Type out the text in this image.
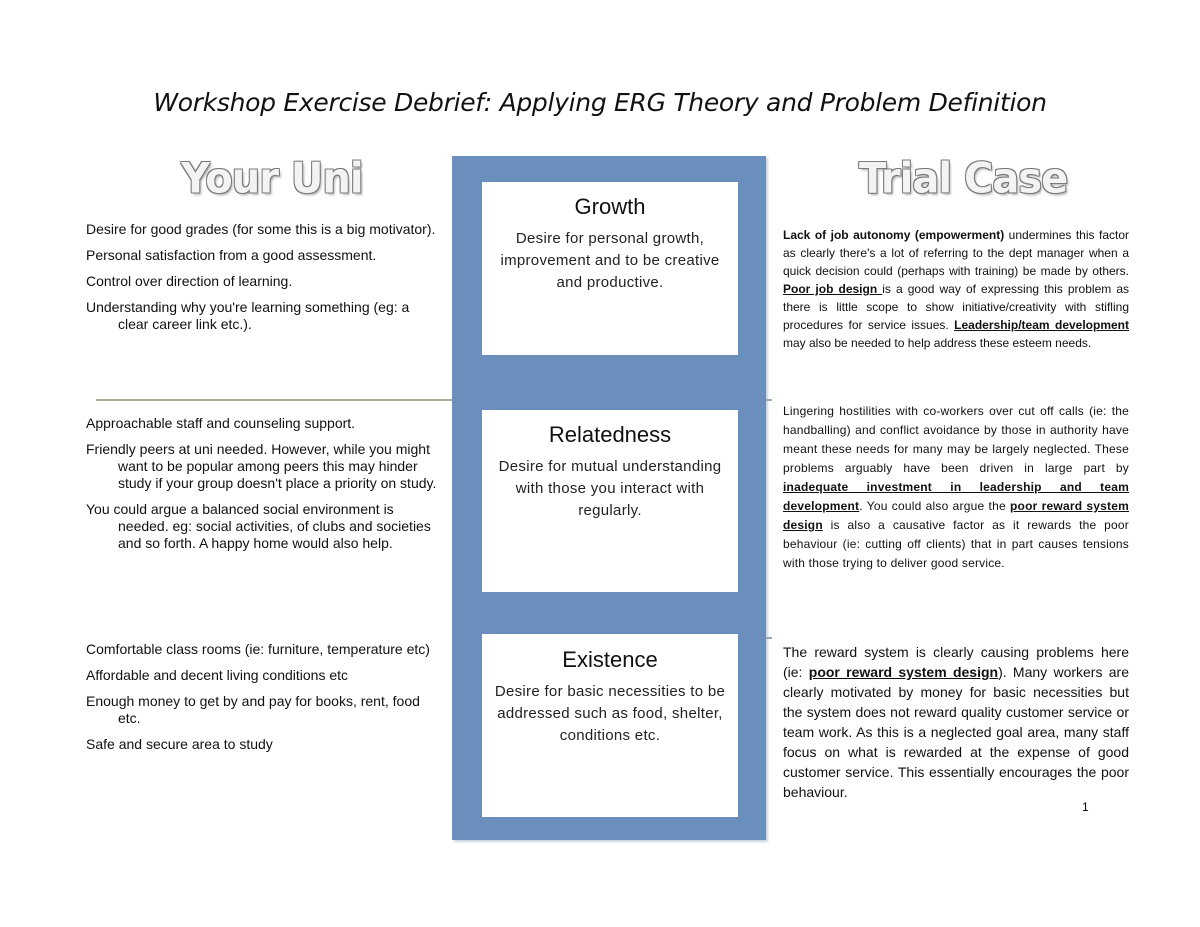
Workshop Exercise Debrief: Applying ERG Theory and Problem Definition
Your Uni	Trial Case
Growth

Desire for personal growth, improvement and to be creative and productive.

Relatedness

Desire for mutual understanding with those you interact with regularly.

Existence

Desire for basic necessities to be addressed such as food, shelter, conditions etc.

Desire for good grades (for some this is a big motivator).
Personal satisfaction from a good assessment.
Control over direction of learning.
Understanding why you're learning something (eg: a clear career link etc.).
Approachable staff and counseling support.
Friendly peers at uni needed. However, while you might want to be popular among peers this may hinder study if your group doesn't place a priority on study.
You could argue a balanced social environment is needed. eg: social activities, of clubs and societies and so forth. A happy home would also help.
Comfortable class rooms (ie: furniture, temperature etc)
Affordable and decent living conditions etc
Enough money to get by and pay for books, rent, food etc.
Safe and secure area to study
Lack of job autonomy (empowerment) undermines this factor as clearly there's a lot of referring to the dept manager when a quick decision could (perhaps with training) be made by others. Poor job design is a good way of expressing this problem as there is little scope to show initiative/creativity with stifling procedures for service issues. Leadership/team development may also be needed to help address these esteem needs.
Lingering hostilities with co-workers over cut off calls (ie: the handballing) and conflict avoidance by those in authority have meant these needs for many may be largely neglected. These problems arguably have been driven in large part by inadequate investment in leadership and team development. You could also argue the poor reward system design is also a causative factor as it rewards the poor behaviour (ie: cutting off clients) that in part causes tensions with those trying to deliver good service.
The reward system is clearly causing problems here (ie: poor reward system design). Many workers are clearly motivated by money for basic necessities but the system does not reward quality customer service or team work. As this is a neglected goal area, many staff focus on what is rewarded at the expense of good customer service. This essentially encourages the poor behaviour.
1
